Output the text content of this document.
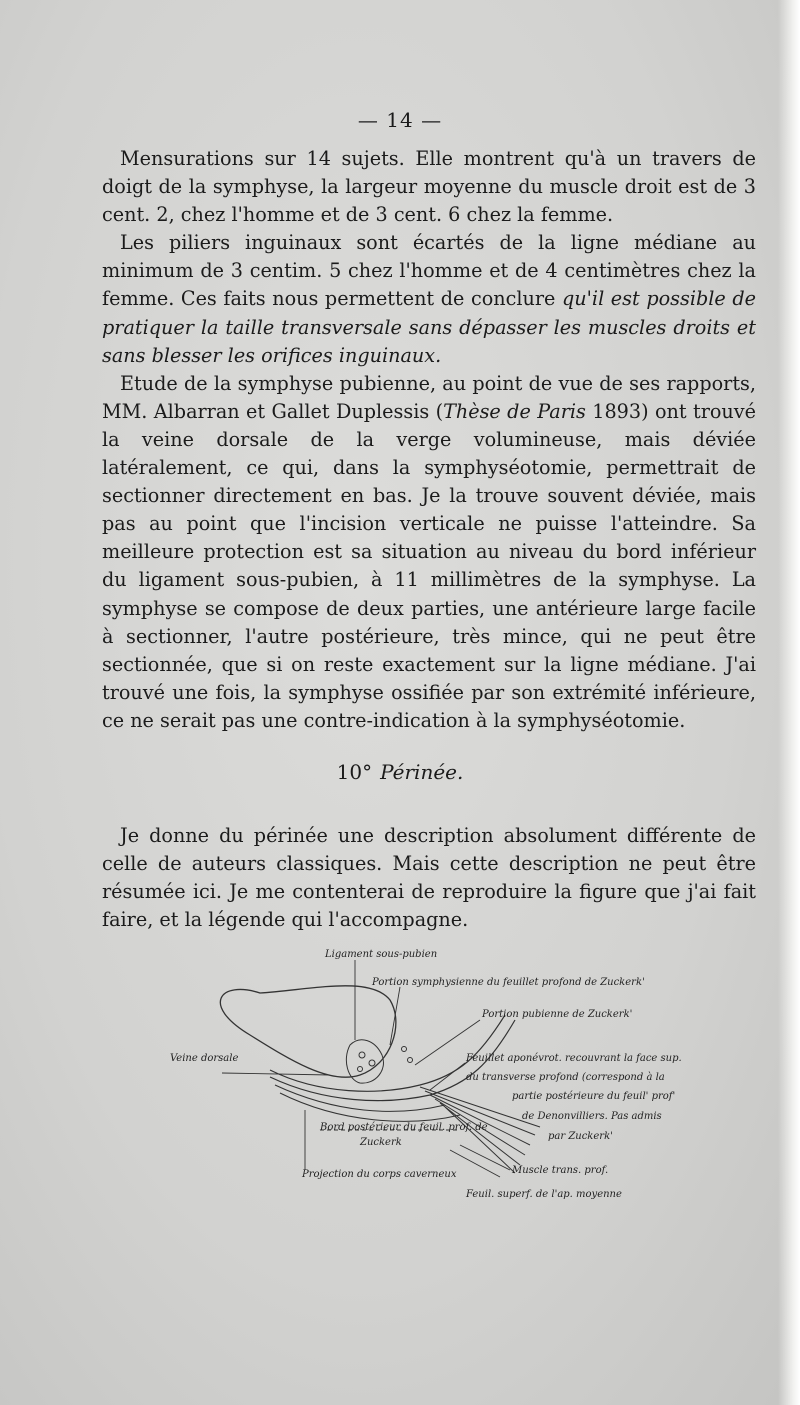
— 14 —

Mensurations sur 14 sujets. Elle montrent qu'à un travers de doigt de la symphyse, la largeur moyenne du muscle droit est de 3 cent. 2, chez l'homme et de 3 cent. 6 chez la femme.

Les piliers inguinaux sont écartés de la ligne médiane au minimum de 3 centim. 5 chez l'homme et de 4 centimètres chez la femme. Ces faits nous permettent de conclure qu'il est possible de pratiquer la taille transversale sans dépasser les muscles droits et sans blesser les orifices inguinaux.

Etude de la symphyse pubienne, au point de vue de ses rapports, MM. Albarran et Gallet Duplessis (Thèse de Paris 1893) ont trouvé la veine dorsale de la verge volumineuse, mais déviée latéralement, ce qui, dans la symphyséotomie, permettrait de sectionner directement en bas. Je la trouve souvent déviée, mais pas au point que l'incision verticale ne puisse l'atteindre. Sa meilleure protection est sa situation au niveau du bord inférieur du ligament sous-pubien, à 11 millimètres de la symphyse. La symphyse se compose de deux parties, une antérieure large facile à sectionner, l'autre postérieure, très mince, qui ne peut être sectionnée, que si on reste exactement sur la ligne médiane. J'ai trouvé une fois, la symphyse ossifiée par son extrémité inférieure, ce ne serait pas une contre-indication à la symphyséotomie.

10° Périnée.

Je donne du périnée une description absolument différente de celle de auteurs classiques. Mais cette description ne peut être résumée ici. Je me contenterai de reproduire la figure que j'ai fait faire, et la légende qui l'accompagne.

Ligament sous-pubien
Portion symphysienne du feuillet profond de Zuckerk'
Portion pubienne de Zuckerk'
Veine dorsale	Feuillet aponévrot. recouvrant la face sup.
du transverse profond (correspond à la
partie postérieure du feuil' prof'
de Denonvilliers. Pas admis
par Zuckerk'
Bord postérieur du feuil. prof. de
Zuckerk
Projection du corps caverneux	Muscle trans. prof.
Feuil. superf. de l'ap. moyenne
